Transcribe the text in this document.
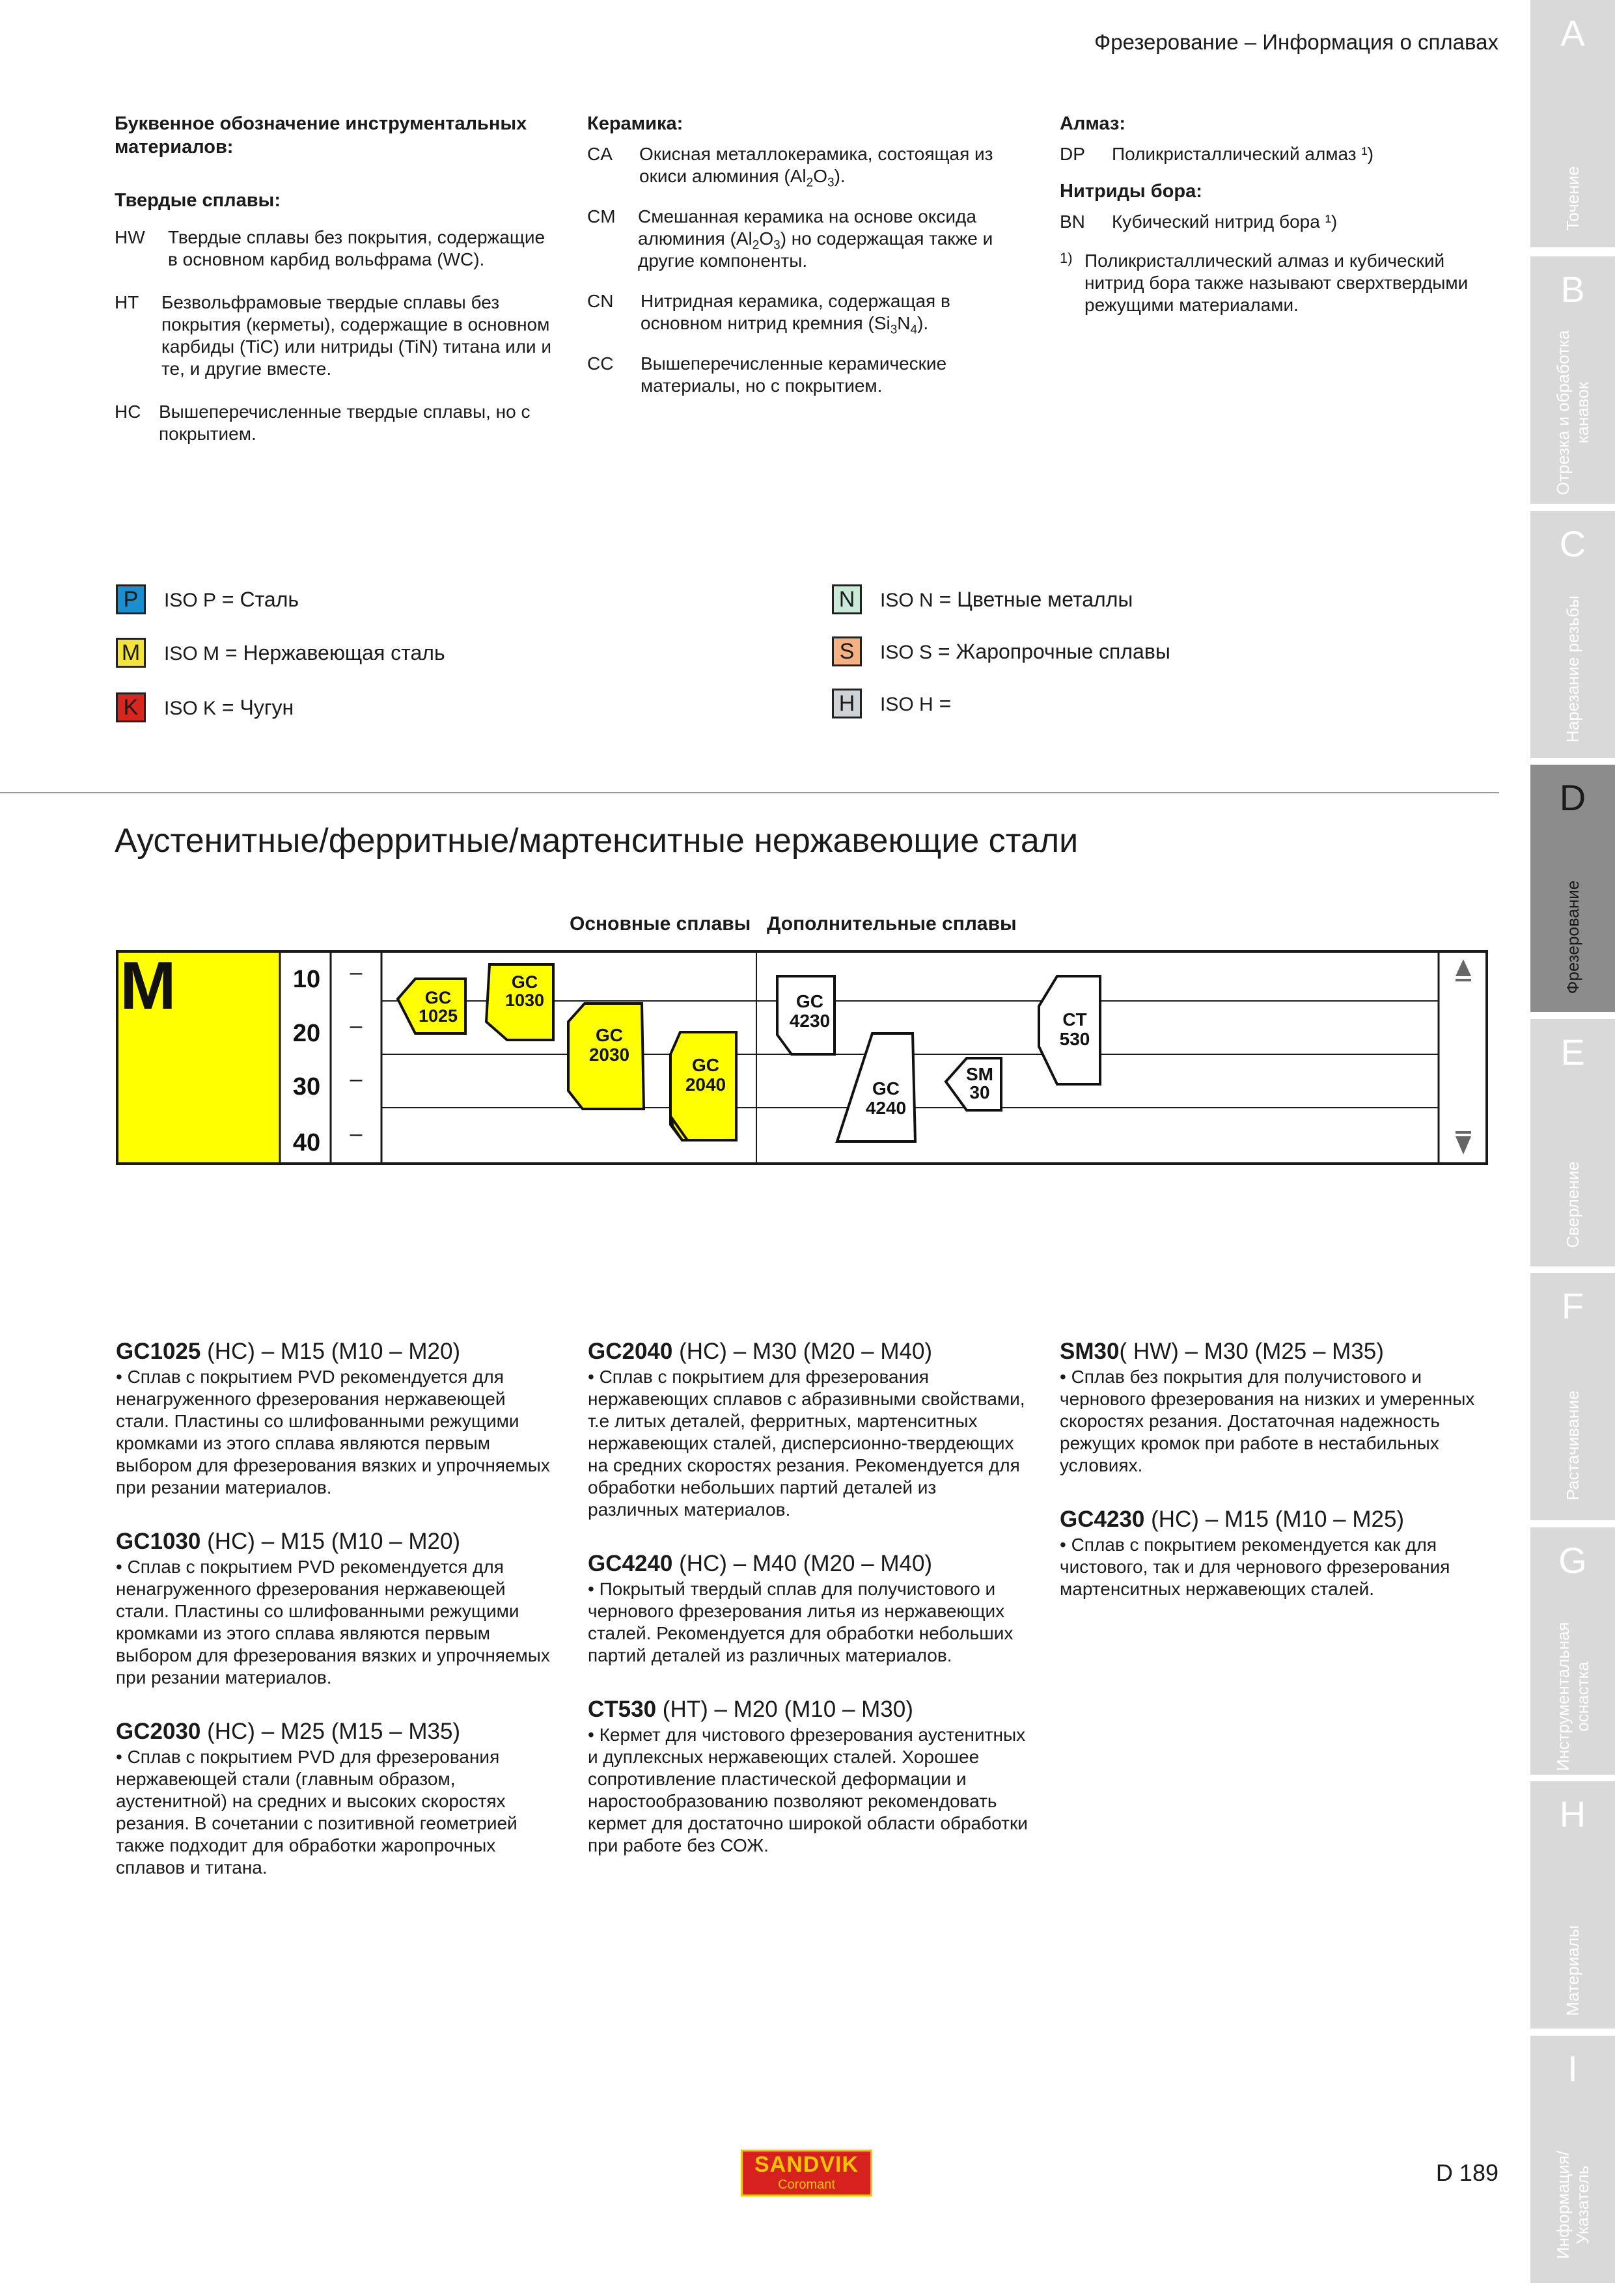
Фрезерование – Информация о сплавах
Буквенное обозначение инструментальных материалов:
Твердые сплавы:
HW	Твердые сплавы без покрытия, содержащие в основном карбид вольфрама (WC).
HT	Безвольфрамовые твердые сплавы без покрытия (керметы), содержащие в основном карбиды (TiC) или нитриды (TiN) титана или и те, и другие вместе.
HC Вышеперечисленные твердые сплавы, но с покрытием.
Керамика:
CA	Окисная металлокерамика, состоящая из окиси алюминия $(Al_2O_3)$.
CM	Смешанная керамика на основе оксида алюминия $(Al_2O_3)$ но содержащая также и другие компоненты.
CN	Нитридная керамика, содержащая в основном нитрид кремния $(Si_3N_4)$.
CC	Вышеперечисленные керамические материалы, но с покрытием.
Алмаз:
DP	Поликристаллический алмаз ¹)
Нитриды бора:
BN	Кубический нитрид бора ¹)
1) Поликристаллический алмаз и кубический нитрид бора также называют сверхтвердыми режущими материалами.
P	ISO P = Сталь
M ISO M = Нержавеющая сталь
K	ISO K = Чугун
N	ISO N = Цветные металлы
S	ISO S = Жаропрочные сплавы
H	ISO H =
Аустенитные/ферритные/мартенситные нержавеющие стали
Основные сплавы Дополнительные сплавы
M	10
20
30
40
–
–
–
–
GC
1025
GC
1030
GC
2030
GC
2040
GC
4230
GC
4240
SM
30
CT
530
GC1025 (HC) – M15 (M10 – M20)

• Сплав с покрытием PVD рекомендуется для ненагруженного фрезерования нержавеющей стали. Пластины со шлифованными режущими кромками из этого сплава являются первым выбором для фрезерования вязких и упрочняемых при резании материалов.

GC1030 (HC) – M15 (M10 – M20)

• Сплав с покрытием PVD рекомендуется для ненагруженного фрезерования нержавеющей стали. Пластины со шлифованными режущими кромками из этого сплава являются первым выбором для фрезерования вязких и упрочняемых при резании материалов.

GC2030 (HC) – M25 (M15 – M35)

• Сплав с покрытием PVD для фрезерования нержавеющей стали (главным образом, аустенитной) на средних и высоких скоростях резания. В сочетании с позитивной геометрией также подходит для обработки жаропрочных сплавов и титана.

GC2040 (HC) – M30 (M20 – M40)

• Сплав с покрытием для фрезерования нержавеющих сплавов с абразивными свойствами, т.е литых деталей, ферритных, мартенситных нержавеющих сталей, дисперсионно-твердеющих на средних скоростях резания. Рекомендуется для обработки небольших партий деталей из различных материалов.

GC4240 (HC) – M40 (M20 – M40)

• Покрытый твердый сплав для получистового и чернового фрезерования литья из нержавеющих сталей. Рекомендуется для обработки небольших партий деталей из различных материалов.

CT530 (HT) – M20 (M10 – M30)

• Кермет для чистового фрезерования аустенитных и дуплексных нержавеющих сталей. Хорошее сопротивление пластической деформации и наростообразованию позволяют рекомендовать кермет для достаточно широкой области обработки при работе без СОЖ.

SM30( HW) – M30 (M25 – M35)

• Сплав без покрытия для получистового и чернового фрезерования на низких и умеренных скоростях резания. Достаточная надежность режущих кромок при работе в нестабильных условиях.

GC4230 (HC) – M15 (M10 – M25)

• Сплав с покрытием рекомендуется как для чистового, так и для чернового фрезерования мартенситных нержавеющих сталей.

A
Точение
B
Отрезка и обработка канавок
C
Нарезание резьбы
D
Фрезерование
E
Сверление
F
Растачивание
G
Инструментальная оснастка
H
Материалы
I
Информация/ Указатель
SANDVIK
Coromant	D 189
